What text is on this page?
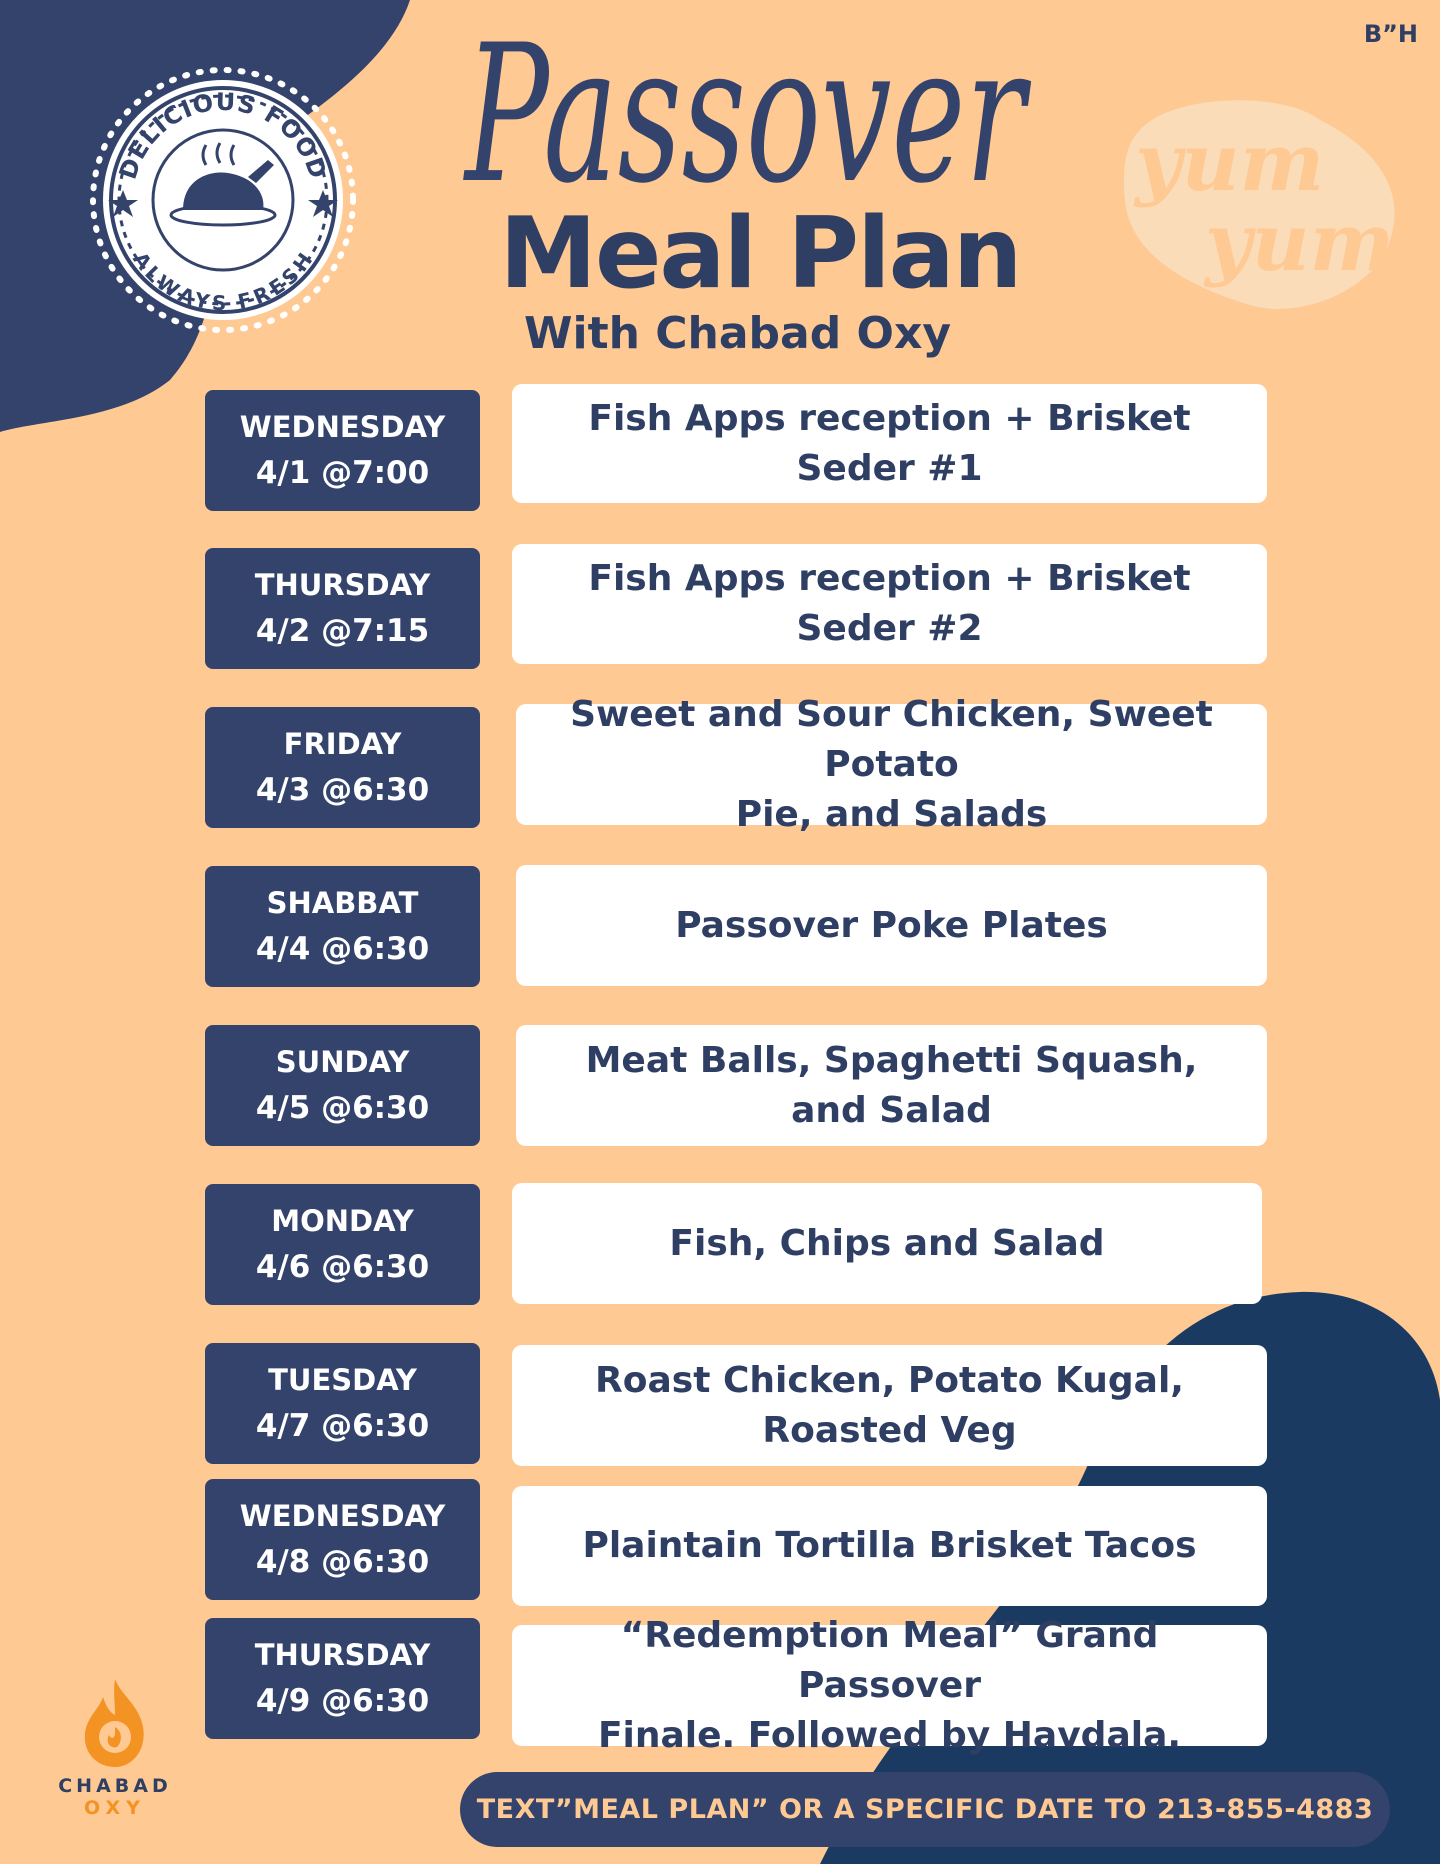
B”H
DELICIOUS FOOD
ALWAYS FRESH
Passover
Meal Plan
With Chabad Oxy
yum
yum
WEDNESDAY
4/1 @7:00
Fish Apps reception + Brisket Seder #1
THURSDAY
4/2 @7:15
Fish Apps reception + Brisket Seder #2
FRIDAY
4/3 @6:30
Sweet and Sour Chicken, Sweet Potato
Pie, and Salads
SHABBAT
4/4 @6:30
Passover Poke Plates
SUNDAY
4/5 @6:30
Meat Balls, Spaghetti Squash,
and Salad
MONDAY
4/6 @6:30
Fish, Chips and Salad
TUESDAY
4/7 @6:30
Roast Chicken, Potato Kugal,
Roasted Veg
WEDNESDAY
4/8 @6:30	Plaintain Tortilla Brisket Tacos
THURSDAY
4/9 @6:30
“Redemption Meal” Grand Passover
Finale. Followed by Havdala.
TEXT”MEAL PLAN” OR A SPECIFIC DATE TO 213-855-4883
CHABAD
OXY
